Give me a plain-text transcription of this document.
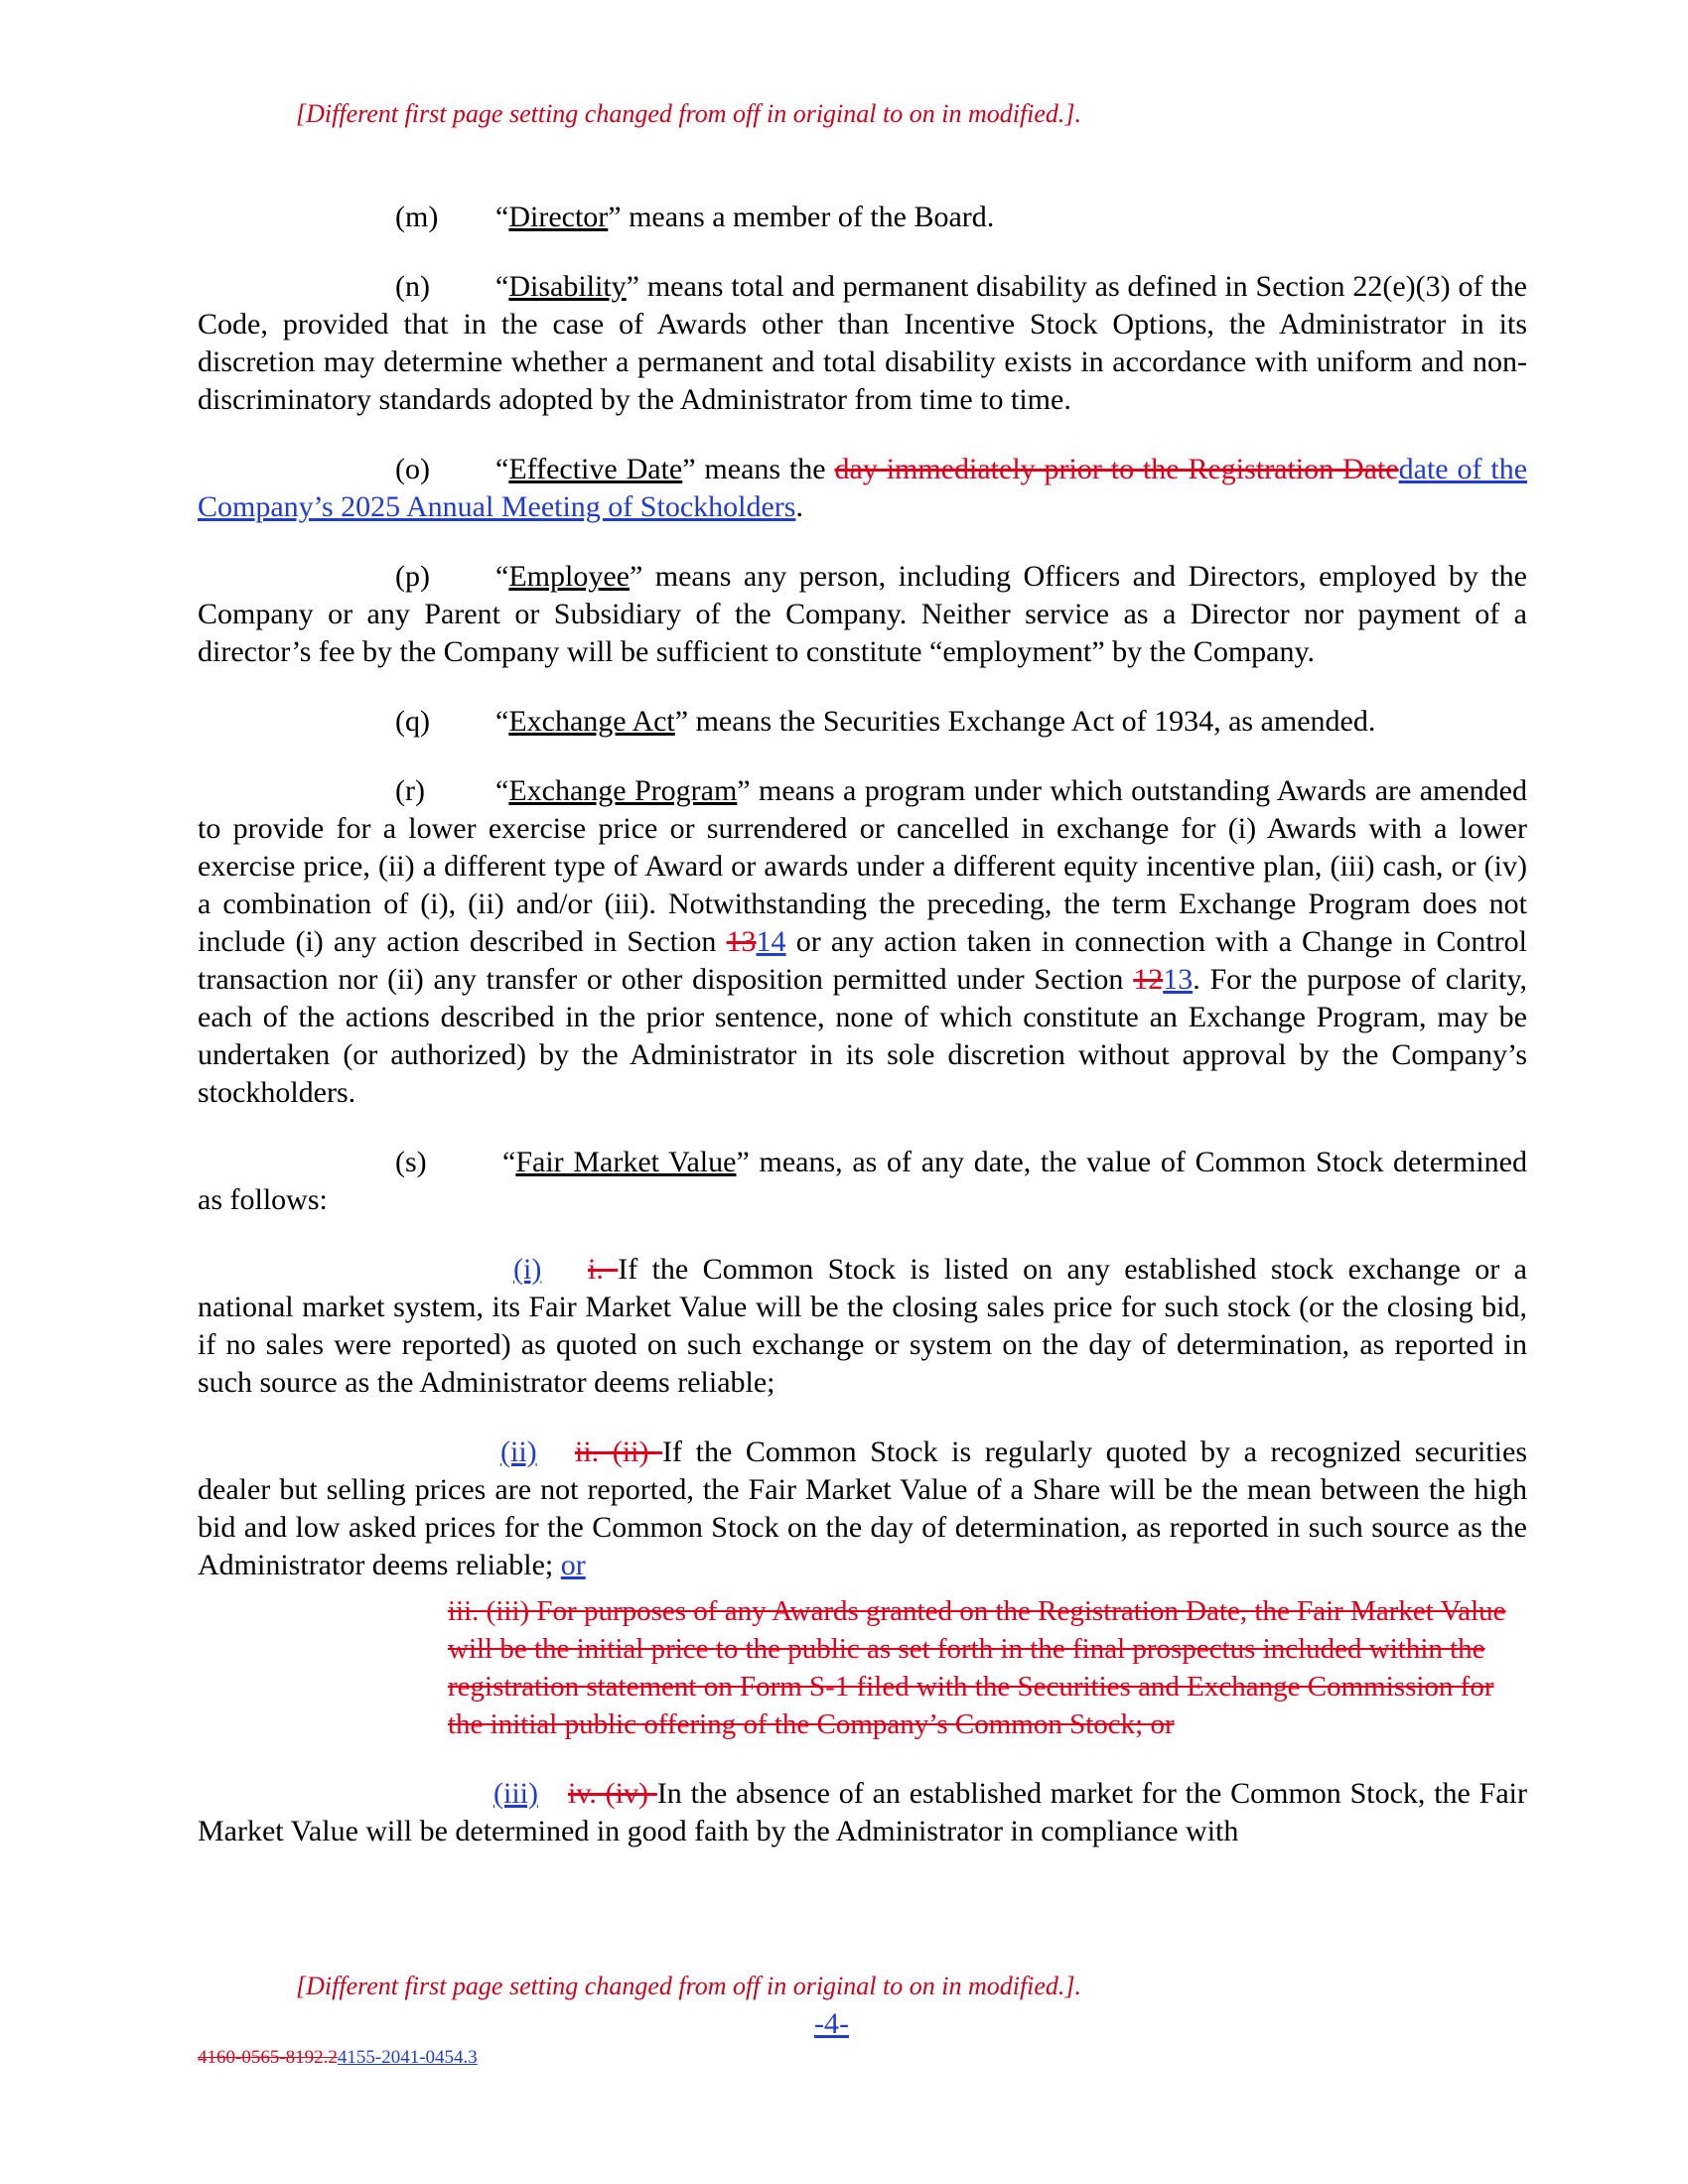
[Different first page setting changed from off in original to on in modified.].

(m) “Director” means a member of the Board.

(n) “Disability” means total and permanent disability as defined in Section 22(e)(3) of the Code, provided that in the case of Awards other than Incentive Stock Options, the Administrator in its discretion may determine whether a permanent and total disability exists in accordance with uniform and non-discriminatory standards adopted by the Administrator from time to time.

(o) “Effective Date” means the day immediately prior to the Registration Datedate of the Company’s 2025 Annual Meeting of Stockholders.

(p) “Employee” means any person, including Officers and Directors, employed by the Company or any Parent or Subsidiary of the Company. Neither service as a Director nor payment of a director’s fee by the Company will be sufficient to constitute “employment” by the Company.

(q) “Exchange Act” means the Securities Exchange Act of 1934, as amended.

(r) “Exchange Program” means a program under which outstanding Awards are amended to provide for a lower exercise price or surrendered or cancelled in exchange for (i) Awards with a lower exercise price, (ii) a different type of Award or awards under a different equity incentive plan, (iii) cash, or (iv) a combination of (i), (ii) and/or (iii). Notwithstanding the preceding, the term Exchange Program does not include (i) any action described in Section 1314 or any action taken in connection with a Change in Control transaction nor (ii) any transfer or other disposition permitted under Section 1213. For the purpose of clarity, each of the actions described in the prior sentence, none of which constitute an Exchange Program, may be undertaken (or authorized) by the Administrator in its sole discretion without approval by the Company’s stockholders.

(s)	“Fair Market Value” means, as of any date, the value of Common Stock determined as follows:

(i) i. If the Common Stock is listed on any established stock exchange or a national market system, its Fair Market Value will be the closing sales price for such stock (or the closing bid, if no sales were reported) as quoted on such exchange or system on the day of determination, as reported in such source as the Administrator deems reliable;

(ii) ii. (ii) If the Common Stock is regularly quoted by a recognized securities dealer but selling prices are not reported, the Fair Market Value of a Share will be the mean between the high bid and low asked prices for the Common Stock on the day of determination, as reported in such source as the Administrator deems reliable; or

iii. (iii) For purposes of any Awards granted on the Registration Date, the Fair Market Value will be the initial price to the public as set forth in the final prospectus included within the registration statement on Form S-1 filed with the Securities and Exchange Commission for the initial public offering of the Company’s Common Stock; or

(iii) iv. (iv) In the absence of an established market for the Common Stock, the Fair Market Value will be determined in good faith by the Administrator in compliance with

[Different first page setting changed from off in original to on in modified.].
-4-
4160-0565-8192.24155-2041-0454.3
